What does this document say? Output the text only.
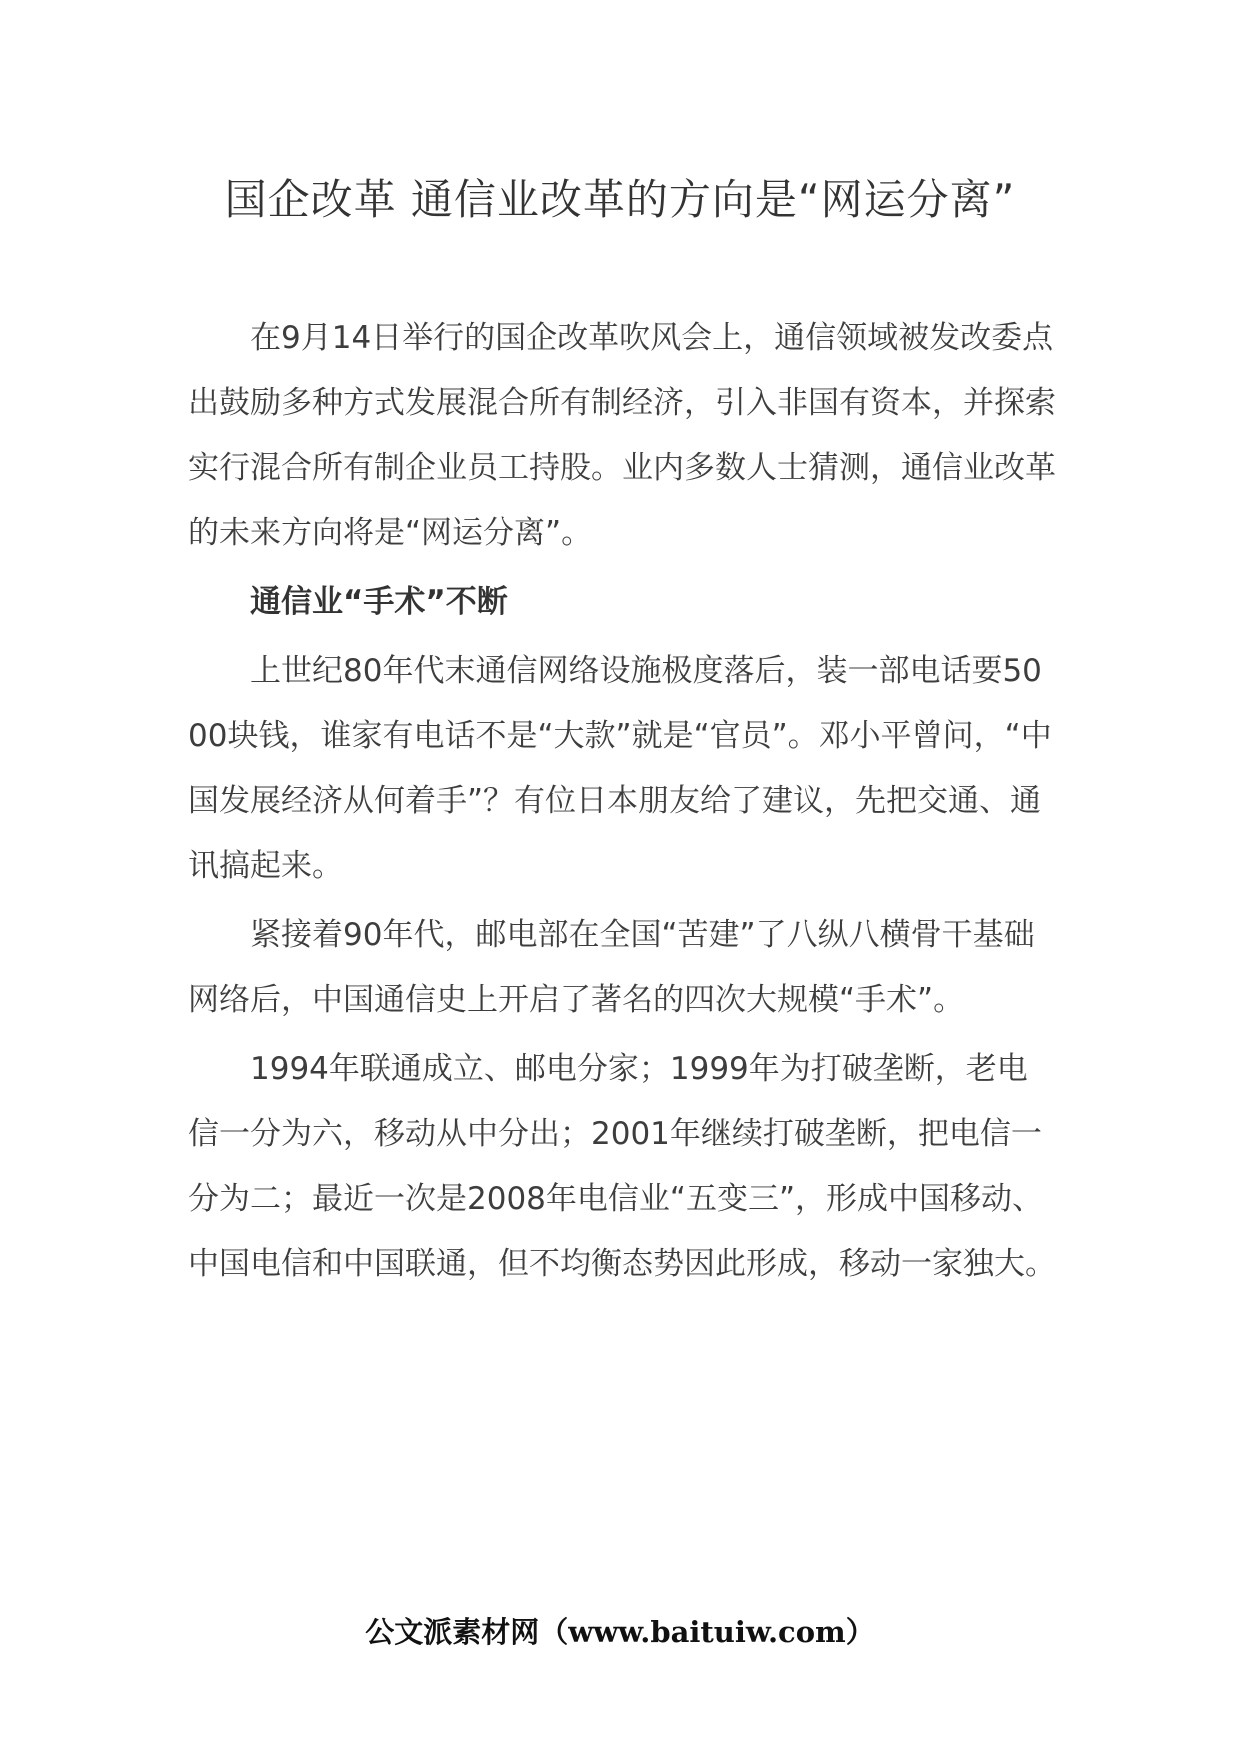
国企改革 通信业改革的方向是“网运分离”

在9月14日举行的国企改革吹风会上，通信领域被发改委点出鼓励多种方式发展混合所有制经济，引入非国有资本，并探索实行混合所有制企业员工持股。业内多数人士猜测，通信业改革的未来方向将是“网运分离”。

通信业“手术”不断

上世纪80年代末通信网络设施极度落后，装一部电话要5000块钱，谁家有电话不是“大款”就是“官员”。邓小平曾问，“中国发展经济从何着手”？有位日本朋友给了建议，先把交通、通讯搞起来。

紧接着90年代，邮电部在全国“苦建”了八纵八横骨干基础网络后，中国通信史上开启了著名的四次大规模“手术”。

1994年联通成立、邮电分家；1999年为打破垄断，老电信一分为六，移动从中分出；2001年继续打破垄断，把电信一分为二；最近一次是2008年电信业“五变三”，形成中国移动、中国电信和中国联通，但不均衡态势因此形成，移动一家独大。

公文派素材网（www.baituiw.com）
